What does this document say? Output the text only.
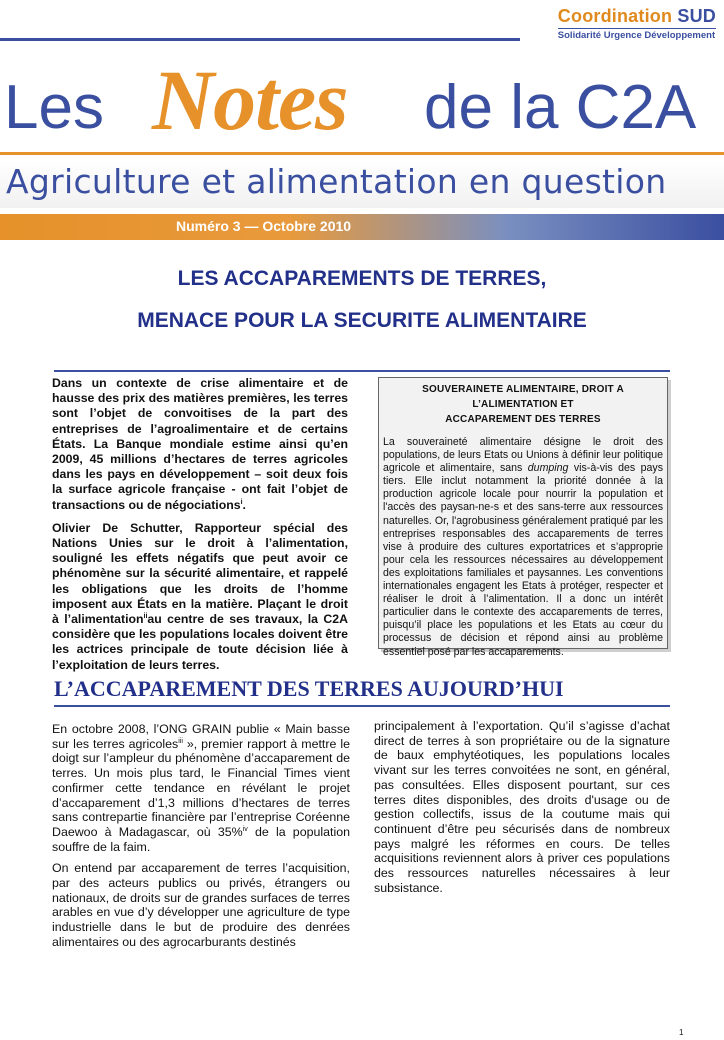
Coordination SUD
Solidarité Urgence Développement
Les Notes de la C2A
Agriculture et alimentation en question
Numéro 3 — Octobre 2010
LES ACCAPAREMENTS DE TERRES,
MENACE POUR LA SECURITE ALIMENTAIRE

Dans un contexte de crise alimentaire et de hausse des prix des matières premières, les terres sont l’objet de convoitises de la part des entreprises de l’agroalimentaire et de certains États. La Banque mondiale estime ainsi qu’en 2009, 45 millions d’hectares de terres agricoles dans les pays en développement – soit deux fois la surface agricole française - ont fait l’objet de transactions ou de négociations$^i$.

Olivier De Schutter, Rapporteur spécial des Nations Unies sur le droit à l’alimentation, souligné les effets négatifs que peut avoir ce phénomène sur la sécurité alimentaire, et rappelé les obligations que les droits de l’homme imposent aux États en la matière. Plaçant le droit à l’alimentation$^{ii}$au centre de ses travaux, la C2A considère que les populations locales doivent être les actrices principale de toute décision liée à l’exploitation de leurs terres.

SOUVERAINETE ALIMENTAIRE, DROIT A L’ALIMENTATION ET
ACCAPAREMENT DES TERRES
La souveraineté alimentaire désigne le droit des populations, de leurs Etats ou Unions à définir leur politique agricole et alimentaire, sans dumping vis-à-vis des pays tiers. Elle inclut notamment la priorité donnée à la production agricole locale pour nourrir la population et l'accès des paysan-ne-s et des sans-terre aux ressources naturelles. Or, l'agrobusiness généralement pratiqué par les entreprises responsables des accaparements de terres vise à produire des cultures exportatrices et s’approprie pour cela les ressources nécessaires au développement des exploitations familiales et paysannes. Les conventions internationales engagent les Etats à protéger, respecter et réaliser le droit à l’alimentation. Il a donc un intérêt particulier dans le contexte des accaparements de terres, puisqu’il place les populations et les Etats au cœur du processus de décision et répond ainsi au problème essentiel posé par les accaparements.
L’ACCAPAREMENT DES TERRES AUJOURD’HUI

En octobre 2008, l’ONG GRAIN publie « Main basse sur les terres agricoles$^{iii}$ », premier rapport à mettre le doigt sur l’ampleur du phénomène d’accaparement de terres. Un mois plus tard, le Financial Times vient confirmer cette tendance en révélant le projet d’accaparement d’1,3 millions d’hectares de terres sans contrepartie financière par l’entreprise Coréenne Daewoo à Madagascar, où 35%$^{iv}$ de la population souffre de la faim.

On entend par accaparement de terres l’acquisition, par des acteurs publics ou privés, étrangers ou nationaux, de droits sur de grandes surfaces de terres arables en vue d’y développer une agriculture de type industrielle dans le but de produire des denrées alimentaires ou des agrocarburants destinés

principalement à l’exportation. Qu’il s’agisse d’achat direct de terres à son propriétaire ou de la signature de baux emphytéotiques, les populations locales vivant sur les terres convoitées ne sont, en général, pas consultées. Elles disposent pourtant, sur ces terres dites disponibles, des droits d'usage ou de gestion collectifs, issus de la coutume mais qui continuent d’être peu sécurisés dans de nombreux pays malgré les réformes en cours. De telles acquisitions reviennent alors à priver ces populations des ressources naturelles nécessaires à leur subsistance.

1
